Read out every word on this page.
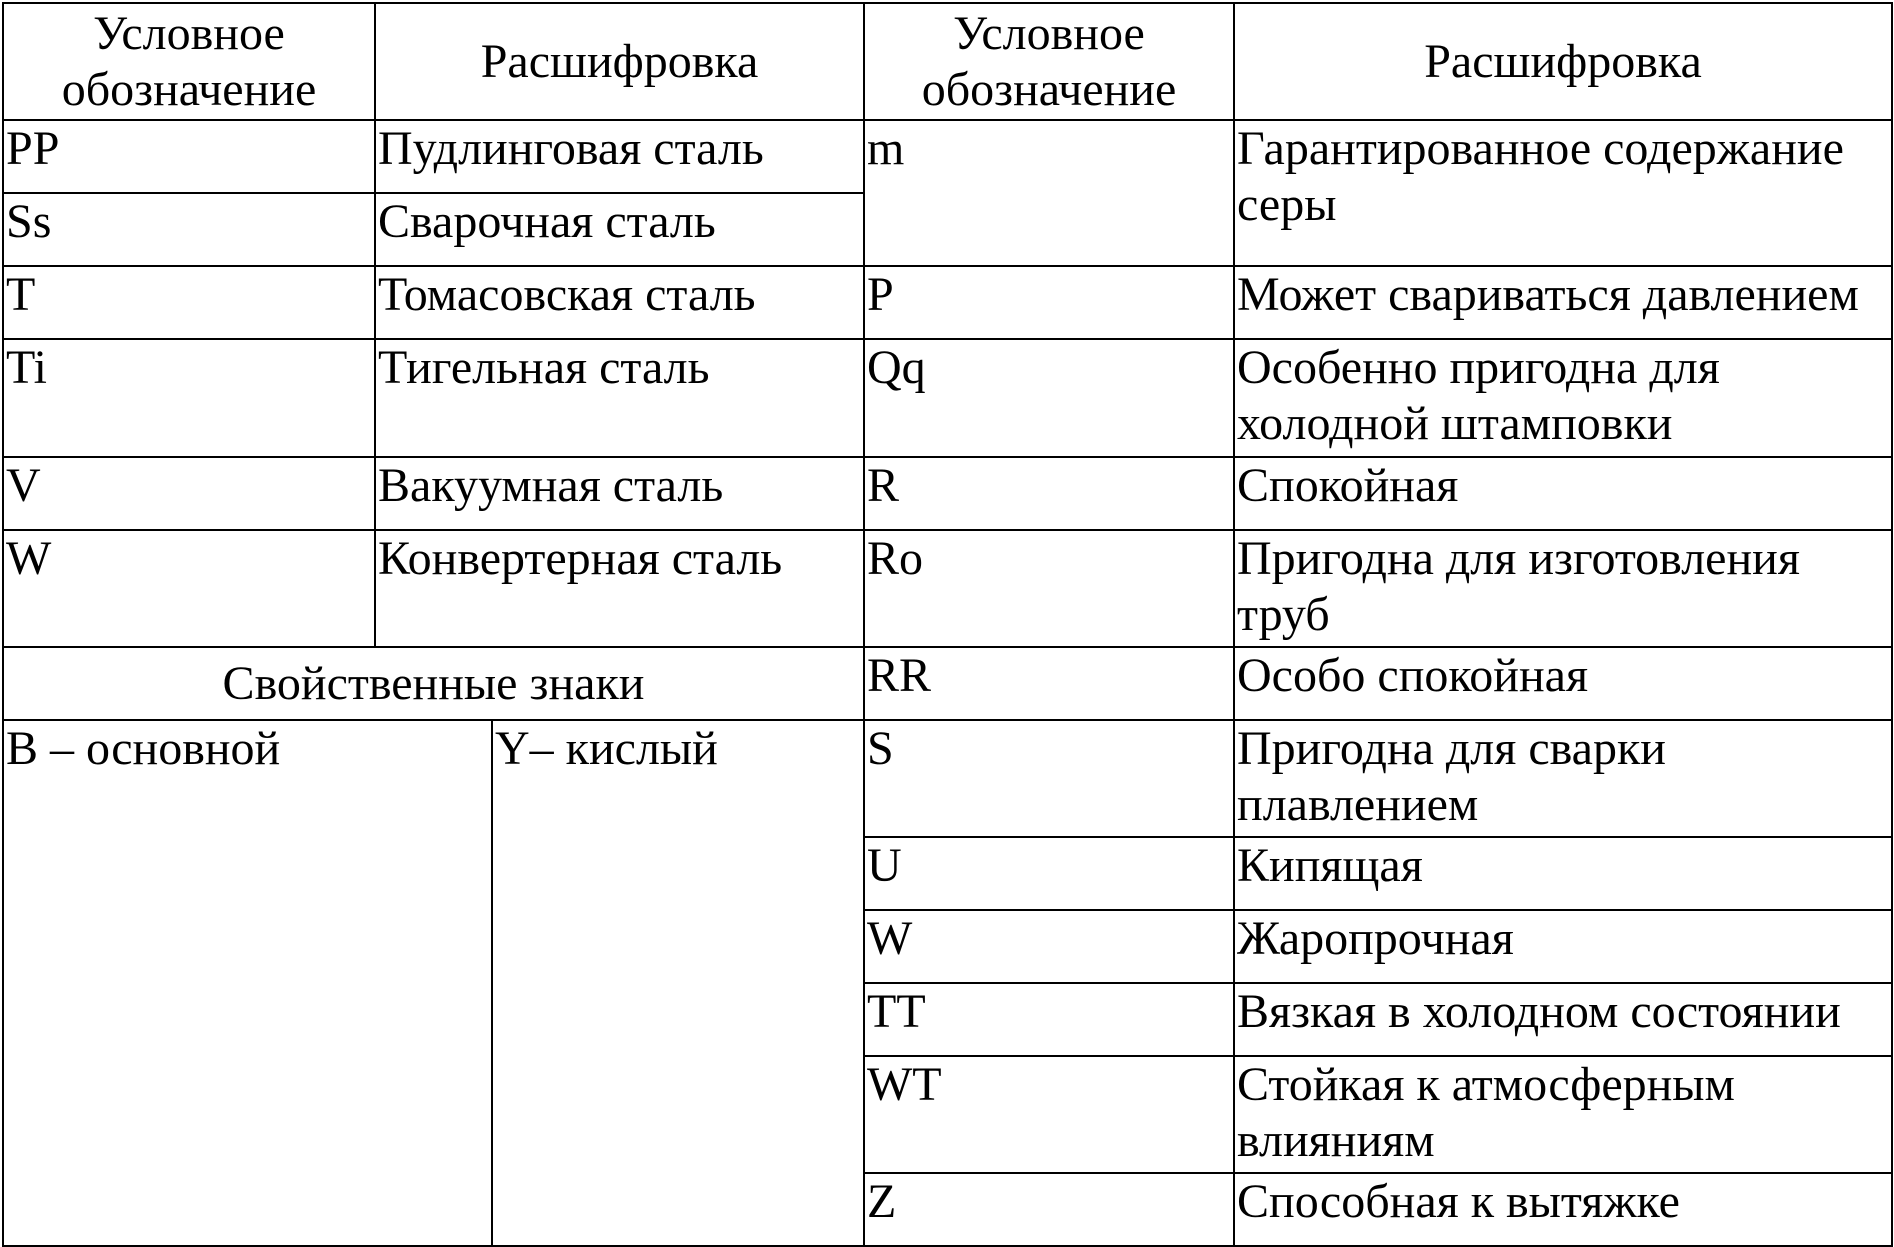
Условное обозначение	Расшифровка		Условное обозначение	Расшифровка
PP	Пудлинговая сталь		m	Гарантированное содержание серы
Ss	Сварочная сталь			
T	Томасовская сталь		P	Может свариваться давлением
Ti	Тигельная сталь		Qq	Особенно пригодна для холодной штамповки
V	Вакуумная сталь		R	Спокойная
W	Конвертерная сталь		Ro	Пригодна для изготовления труб
Свойственные знаки			RR	Особо спокойная
B – основной		Y– кислый	S	Пригодна для сварки плавлением
			U	Кипящая
			W	Жаропрочная
			TT	Вязкая в холодном состоянии
			WT	Стойкая к атмосферным влияниям
			Z	Способная к вытяжке
